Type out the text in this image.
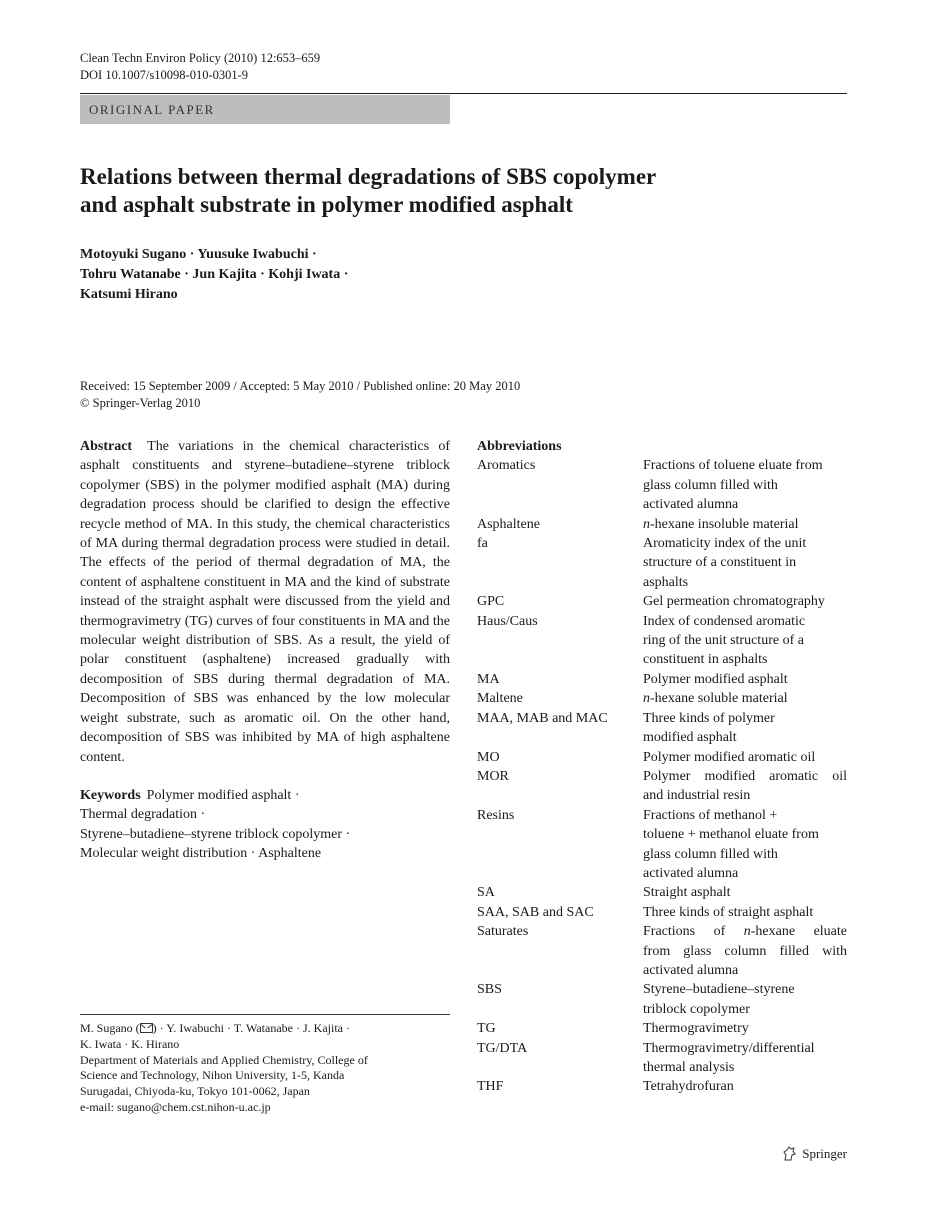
Clean Techn Environ Policy (2010) 12:653–659
DOI 10.1007/s10098-010-0301-9
ORIGINAL PAPER
Relations between thermal degradations of SBS copolymer
and asphalt substrate in polymer modified asphalt
Motoyuki Sugano · Yuusuke Iwabuchi ·
Tohru Watanabe · Jun Kajita · Kohji Iwata ·
Katsumi Hirano
Received: 15 September 2009 / Accepted: 5 May 2010 / Published online: 20 May 2010
© Springer-Verlag 2010

Abstract The variations in the chemical characteristics of asphalt constituents and styrene–butadiene–styrene triblock copolymer (SBS) in the polymer modified asphalt (MA) during degradation process should be clarified to design the effective recycle method of MA. In this study, the chemical characteristics of MA during thermal degradation process were studied in detail. The effects of the period of thermal degradation of MA, the content of asphaltene constituent in MA and the kind of substrate instead of the straight asphalt were discussed from the yield and thermogravimetry (TG) curves of four constituents in MA and the molecular weight distribution of SBS. As a result, the yield of polar constituent (asphaltene) increased gradually with decomposition of SBS during thermal degradation of MA. Decomposition of SBS was enhanced by the low molecular weight substrate, such as aromatic oil. On the other hand, decomposition of SBS was inhibited by MA of high asphaltene content.

Keywords Polymer modified asphalt ·
Thermal degradation ·
Styrene–butadiene–styrene triblock copolymer ·
Molecular weight distribution · Asphaltene
M. Sugano ( ) · Y. Iwabuchi · T. Watanabe · J. Kajita ·
K. Iwata · K. Hirano
Department of Materials and Applied Chemistry, College of
Science and Technology, Nihon University, 1-5, Kanda
Surugadai, Chiyoda-ku, Tokyo 101-0062, Japan
e-mail: sugano@chem.cst.nihon-u.ac.jp
Abbreviations
Aromatics	Fractions of toluene eluate from
glass column filled with
activated alumna
Asphaltene	n-hexane insoluble material
fa	Aromaticity index of the unit
structure of a constituent in
asphalts
GPC	Gel permeation chromatography
Haus/Caus	Index of condensed aromatic
ring of the unit structure of a
constituent in asphalts
MA	Polymer modified asphalt
Maltene	n-hexane soluble material
MAA, MAB and MAC	Three kinds of polymer
modified asphalt
MO	Polymer modified aromatic oil
MOR	Polymer modified aromatic oil
and industrial resin
Resins	Fractions of methanol +
toluene + methanol eluate from
glass column filled with
activated alumna
SA	Straight asphalt
SAA, SAB and SAC	Three kinds of straight asphalt
Saturates	Fractions of n-hexane eluate
from glass column filled with
activated alumna
SBS	Styrene–butadiene–styrene
triblock copolymer
TG	Thermogravimetry
TG/DTA	Thermogravimetry/differential
thermal analysis
THF	Tetrahydrofuran
Springer
